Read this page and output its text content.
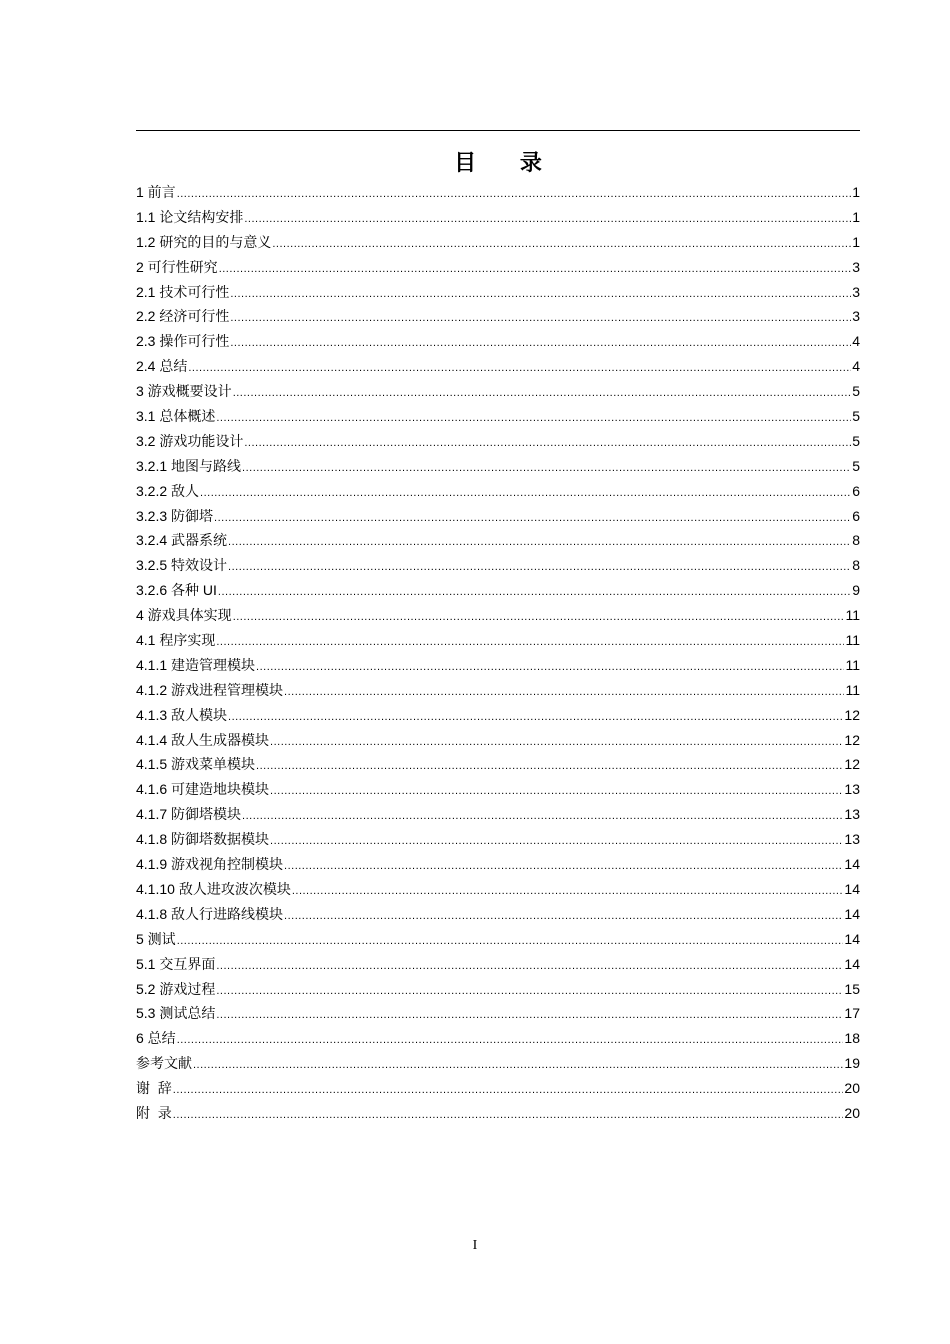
目 录
1 前言 .....	1
1.1 论文结构安排 .....	1
1.2 研究的目的与意义 .....	1
2 可行性研究 .....	3
2.1 技术可行性 .....	3
2.2 经济可行性 .....	3
2.3 操作可行性 .....	4
2.4 总结 .....	4
3 游戏概要设计 .....	5
3.1 总体概述 .....	5
3.2 游戏功能设计 .....	5
3.2.1 地图与路线 .....	5
3.2.2 敌人 .....	6
3.2.3 防御塔 .....	6
3.2.4 武器系统 .....	8
3.2.5 特效设计 .....	8
3.2.6 各种 UI .....	9
4 游戏具体实现 .....	11
4.1 程序实现 .....	11
4.1.1 建造管理模块 .....	11
4.1.2 游戏进程管理模块 .....	11
4.1.3 敌人模块 .....	12
4.1.4 敌人生成器模块 .....	12
4.1.5 游戏菜单模块 .....	12
4.1.6 可建造地块模块 .....	13
4.1.7 防御塔模块 .....	13
4.1.8 防御塔数据模块 .....	13
4.1.9 游戏视角控制模块 .....	14
4.1.10 敌人进攻波次模块 .....	14
4.1.8 敌人行进路线模块 .....	14
5 测试 .....	14
5.1 交互界面 .....	14
5.2 游戏过程 .....	15
5.3 测试总结 .....	17
6 总结 .....	18
参考文献 .....	19
谢  辞 .....	20
附  录 .....	20
I
